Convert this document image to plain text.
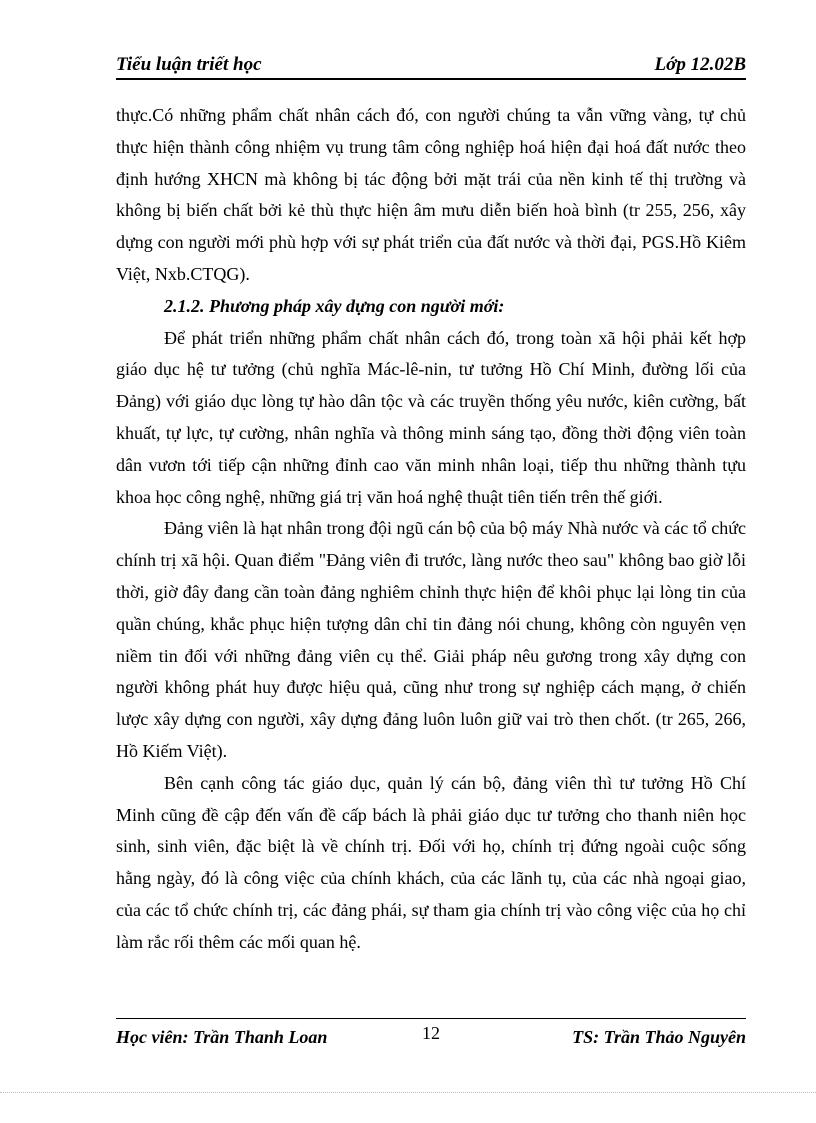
Tiểu luận triết học	Lớp 12.02B

thực.Có những phẩm chất nhân cách đó, con người chúng ta vẫn vững vàng, tự chủ thực hiện thành công nhiệm vụ trung tâm công nghiệp hoá hiện đại hoá đất nước theo định hướng XHCN mà không bị tác động bởi mặt trái của nền kinh tế thị trường và không bị biến chất bởi kẻ thù thực hiện âm mưu diễn biến hoà bình (tr 255, 256, xây dựng con người mới phù hợp với sự phát triển của đất nước và thời đại, PGS.Hồ Kiêm Việt, Nxb.CTQG).

2.1.2. Phương pháp xây dựng con người mới:

Để phát triển những phẩm chất nhân cách đó, trong toàn xã hội phải kết hợp giáo dục hệ tư tưởng (chủ nghĩa Mác-lê-nin, tư tưởng Hồ Chí Minh, đường lối của Đảng) với giáo dục lòng tự hào dân tộc và các truyền thống yêu nước, kiên cường, bất khuất, tự lực, tự cường, nhân nghĩa và thông minh sáng tạo, đồng thời động viên toàn dân vươn tới tiếp cận những đỉnh cao văn minh nhân loại, tiếp thu những thành tựu khoa học công nghệ, những giá trị văn hoá nghệ thuật tiên tiến trên thế giới.

Đảng viên là hạt nhân trong đội ngũ cán bộ của bộ máy Nhà nước và các tổ chức chính trị xã hội. Quan điểm "Đảng viên đi trước, làng nước theo sau" không bao giờ lỗi thời, giờ đây đang cần toàn đảng nghiêm chỉnh thực hiện để khôi phục lại lòng tin của quần chúng, khắc phục hiện tượng dân chỉ tin đảng nói chung, không còn nguyên vẹn niềm tin đối với những đảng viên cụ thể. Giải pháp nêu gương trong xây dựng con người không phát huy được hiệu quả, cũng như trong sự nghiệp cách mạng, ở chiến lược xây dựng con người, xây dựng đảng luôn luôn giữ vai trò then chốt. (tr 265, 266, Hồ Kiếm Việt).

Bên cạnh công tác giáo dục, quản lý cán bộ, đảng viên thì tư tưởng Hồ Chí Minh cũng đề cập đến vấn đề cấp bách là phải giáo dục tư tưởng cho thanh niên học sinh, sinh viên, đặc biệt là về chính trị. Đối với họ, chính trị đứng ngoài cuộc sống hằng ngày, đó là công việc của chính khách, của các lãnh tụ, của các nhà ngoại giao, của các tổ chức chính trị, các đảng phái, sự tham gia chính trị vào công việc của họ chỉ làm rắc rối thêm các mối quan hệ.

Học viên: Trần Thanh Loan	12	TS: Trần Thảo Nguyên
